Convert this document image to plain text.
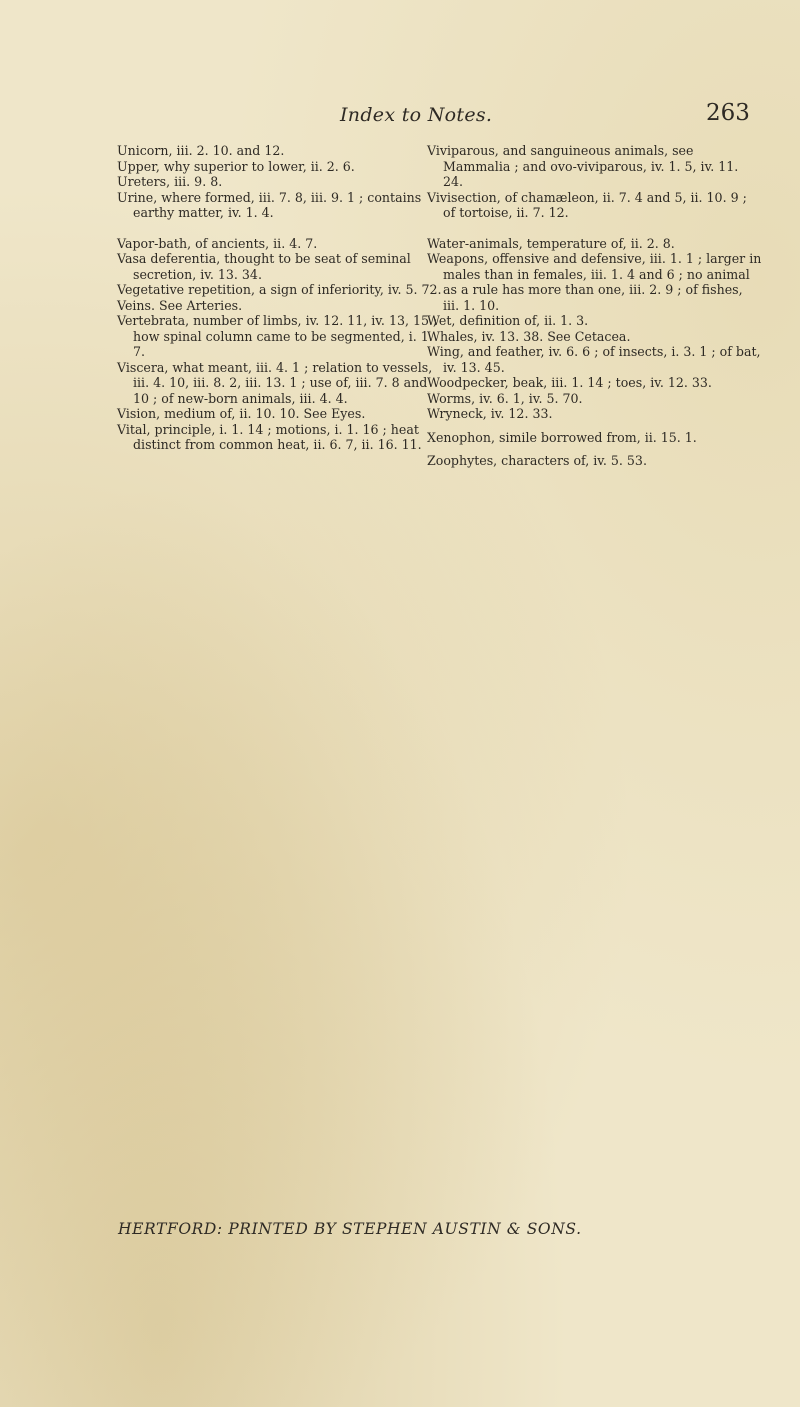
Index to Notes.	263

Unicorn, iii. 2. 10. and 12.

Upper, why superior to lower, ii. 2. 6.

Ureters, iii. 9. 8.

Urine, where formed, iii. 7. 8, iii. 9. 1 ; contains earthy matter, iv. 1. 4.

Vapor-bath, of ancients, ii. 4. 7.

Vasa deferentia, thought to be seat of seminal secretion, iv. 13. 34.

Vegetative repetition, a sign of inferiority, iv. 5. 72.

Veins. See Arteries.

Vertebrata, number of limbs, iv. 12. 11, iv. 13, 15 ; how spinal column came to be segmented, i. 1. 7.

Viscera, what meant, iii. 4. 1 ; relation to vessels, iii. 4. 10, iii. 8. 2, iii. 13. 1 ; use of, iii. 7. 8 and 10 ; of new-born animals, iii. 4. 4.

Vision, medium of, ii. 10. 10. See Eyes.

Vital, principle, i. 1. 14 ; motions, i. 1. 16 ; heat distinct from common heat, ii. 6. 7, ii. 16. 11.

Viviparous, and sanguineous animals, see Mammalia ; and ovo-viviparous, iv. 1. 5, iv. 11. 24.

Vivisection, of chamæleon, ii. 7. 4 and 5, ii. 10. 9 ; of tortoise, ii. 7. 12.

Water-animals, temperature of, ii. 2. 8.

Weapons, offensive and defensive, iii. 1. 1 ; larger in males than in females, iii. 1. 4 and 6 ; no animal as a rule has more than one, iii. 2. 9 ; of fishes, iii. 1. 10.

Wet, definition of, ii. 1. 3.

Whales, iv. 13. 38. See Cetacea.

Wing, and feather, iv. 6. 6 ; of insects, i. 3. 1 ; of bat, iv. 13. 45.

Woodpecker, beak, iii. 1. 14 ; toes, iv. 12. 33.

Worms, iv. 6. 1, iv. 5. 70.

Wryneck, iv. 12. 33.

Xenophon, simile borrowed from, ii. 15. 1.

Zoophytes, characters of, iv. 5. 53.

HERTFORD: PRINTED BY STEPHEN AUSTIN & SONS.
